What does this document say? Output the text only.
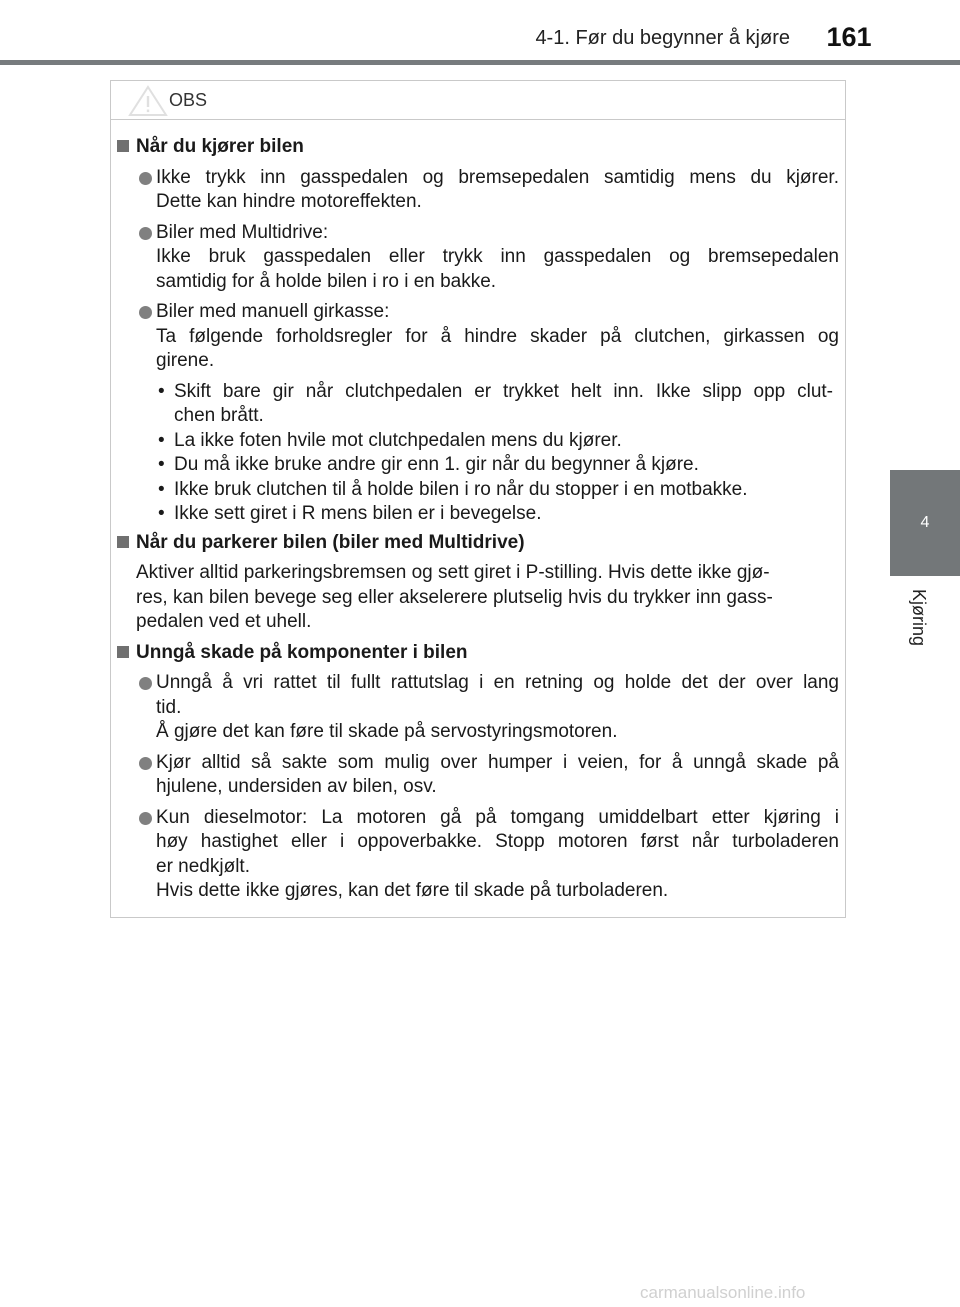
4-1. Før du begynner å kjøre	161
4
Kjøring
OBS
Når du kjører bilen
Ikke trykk inn gasspedalen og bremsepedalen samtidig mens du kjører.
Dette kan hindre motoreffekten.
Biler med Multidrive:
Ikke bruk gasspedalen eller trykk inn gasspedalen og bremsepedalen
samtidig for å holde bilen i ro i en bakke.
Biler med manuell girkasse:
Ta følgende forholdsregler for å hindre skader på clutchen, girkassen og
girene.
• Skift bare gir når clutchpedalen er trykket helt inn. Ikke slipp opp clut-
chen brått.
• La ikke foten hvile mot clutchpedalen mens du kjører.
• Du må ikke bruke andre gir enn 1. gir når du begynner å kjøre.
• Ikke bruk clutchen til å holde bilen i ro når du stopper i en motbakke.
• Ikke sett giret i R mens bilen er i bevegelse.
Når du parkerer bilen (biler med Multidrive)
Aktiver alltid parkeringsbremsen og sett giret i P-stilling. Hvis dette ikke gjø-
res, kan bilen bevege seg eller akselerere plutselig hvis du trykker inn gass-
pedalen ved et uhell.
Unngå skade på komponenter i bilen
Unngå å vri rattet til fullt rattutslag i en retning og holde det der over lang
tid.
Å gjøre det kan føre til skade på servostyringsmotoren.
Kjør alltid så sakte som mulig over humper i veien, for å unngå skade på
hjulene, undersiden av bilen, osv.
Kun dieselmotor: La motoren gå på tomgang umiddelbart etter kjøring i
høy hastighet eller i oppoverbakke. Stopp motoren først når turboladeren
er nedkjølt.
Hvis dette ikke gjøres, kan det føre til skade på turboladeren.
carmanualsonline.info
